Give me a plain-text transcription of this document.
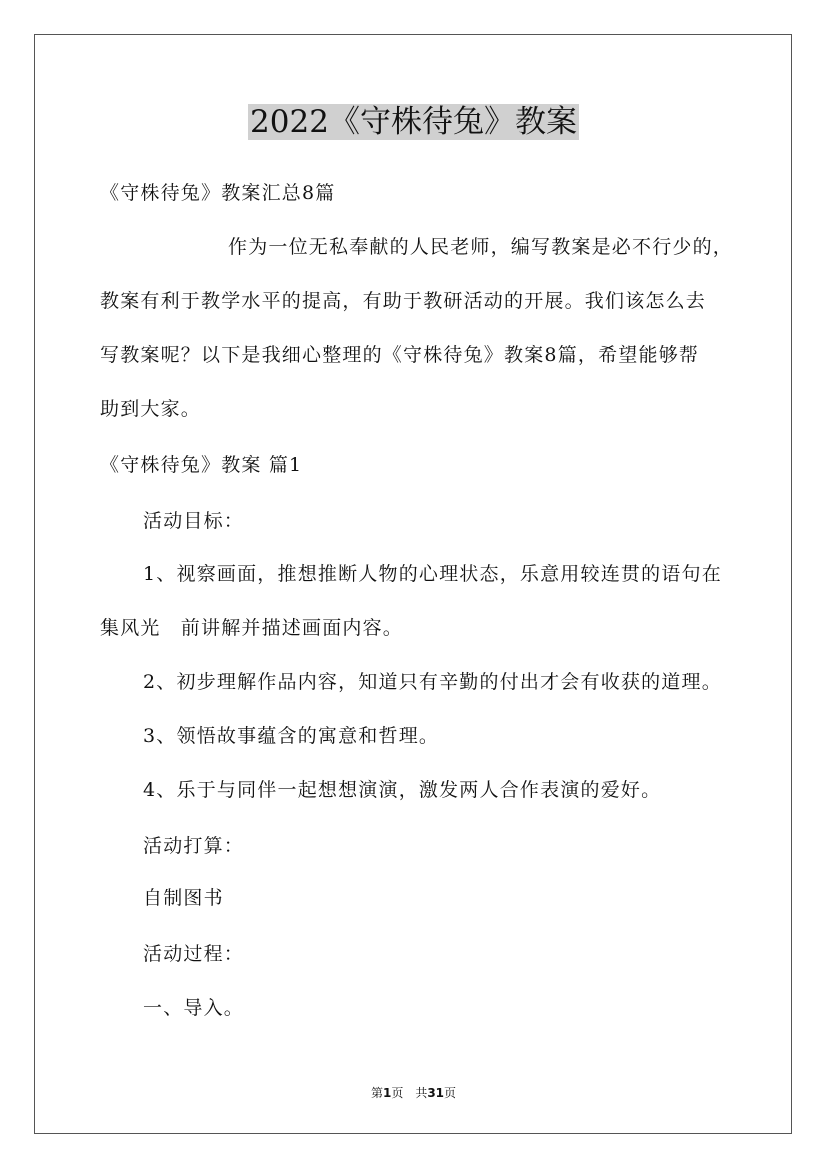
2022《守株待兔》教案
《守株待兔》教案汇总8篇
作为一位无私奉献的人民老师，编写教案是必不行少的，
教案有利于教学水平的提高，有助于教研活动的开展。我们该怎么去
写教案呢？以下是我细心整理的《守株待兔》教案8篇，希望能够帮
助到大家。
《守株待兔》教案 篇1
活动目标：
1、视察画面，推想推断人物的心理状态，乐意用较连贯的语句在
集风光　前讲解并描述画面内容。
2、初步理解作品内容，知道只有辛勤的付出才会有收获的道理。
3、领悟故事蕴含的寓意和哲理。
4、乐于与同伴一起想想演演，激发两人合作表演的爱好。
活动打算：
自制图书
活动过程：
一、导入。
第1页　共31页
